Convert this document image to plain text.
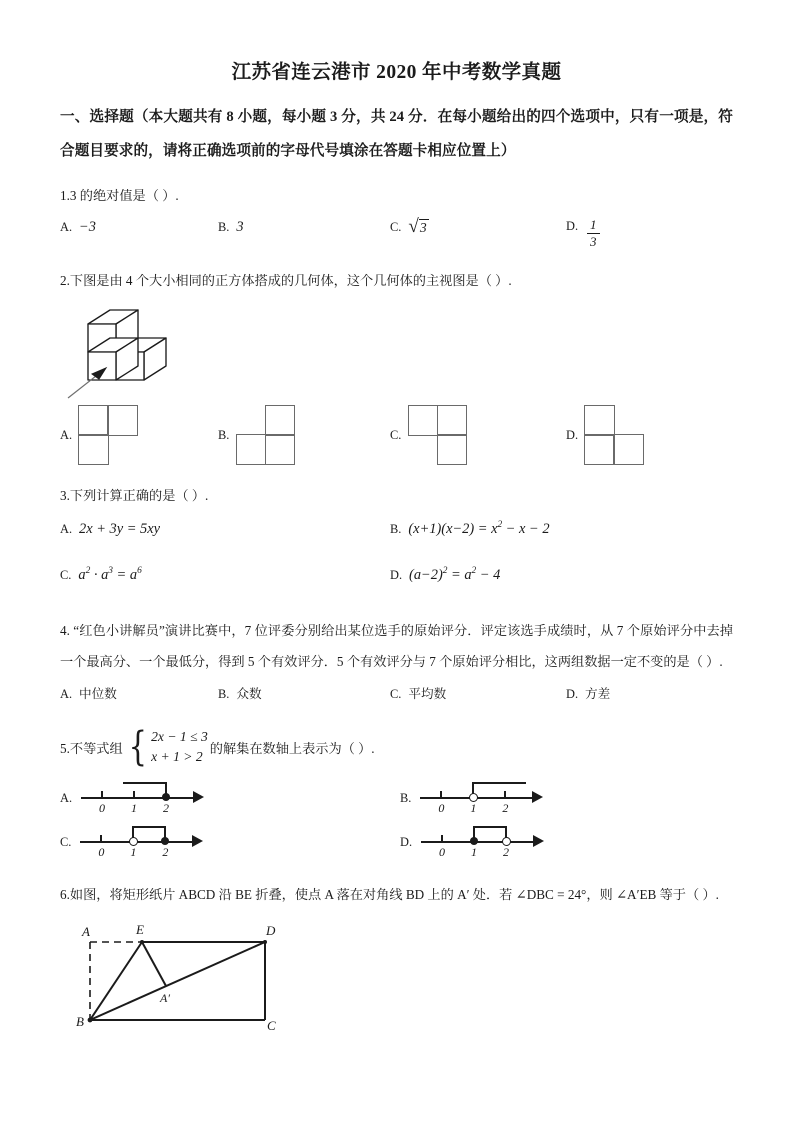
江苏省连云港市 2020 年中考数学真题

一、选择题（本大题共有 8 小题，每小题 3 分，共 24 分．在每小题给出的四个选项中，只有一项是，符合题目要求的，请将正确选项前的字母代号填涂在答题卡相应位置上）

1.3 的绝对值是（ ）.

A. −3	B. 3	C. √ 3	D. $\frac{1}{3}$

2.下图是由 4 个大小相同的正方体搭成的几何体，这个几何体的主视图是（ ）.

A.	B.	C.	D.

3.下列计算正确的是（ ）.

A. 2x + 3y = 5xy	B. $(x+1)(x-2) = x^2 - x - 2$
C. $a^2 \cdot a^3 = a^6$	D. $(a-2)^2 = a^2 - 4$

4. “红色小讲解员”演讲比赛中，7 位评委分别给出某位选手的原始评分．评定该选手成绩时，从 7 个原始评分中去掉一个最高分、一个最低分，得到 5 个有效评分．5 个有效评分与 7 个原始评分相比，这两组数据一定不变的是（ ）.

A. 中位数	B. 众数	C. 平均数	D. 方差

5.不等式组 { 2x − 1 ≤ 3
x + 1 > 2
的解集在数轴上表示为（ ）.

A.
0 1 2
B.
0 1 2
C.
0 1 2
D.
0 1 2

6.如图，将矩形纸片 ABCD 沿 BE 折叠，使点 A 落在对角线 BD 上的 A′ 处．若 ∠DBC = 24°，则 ∠A′EB 等于（ ）.

A	E	D
B	C
A′
